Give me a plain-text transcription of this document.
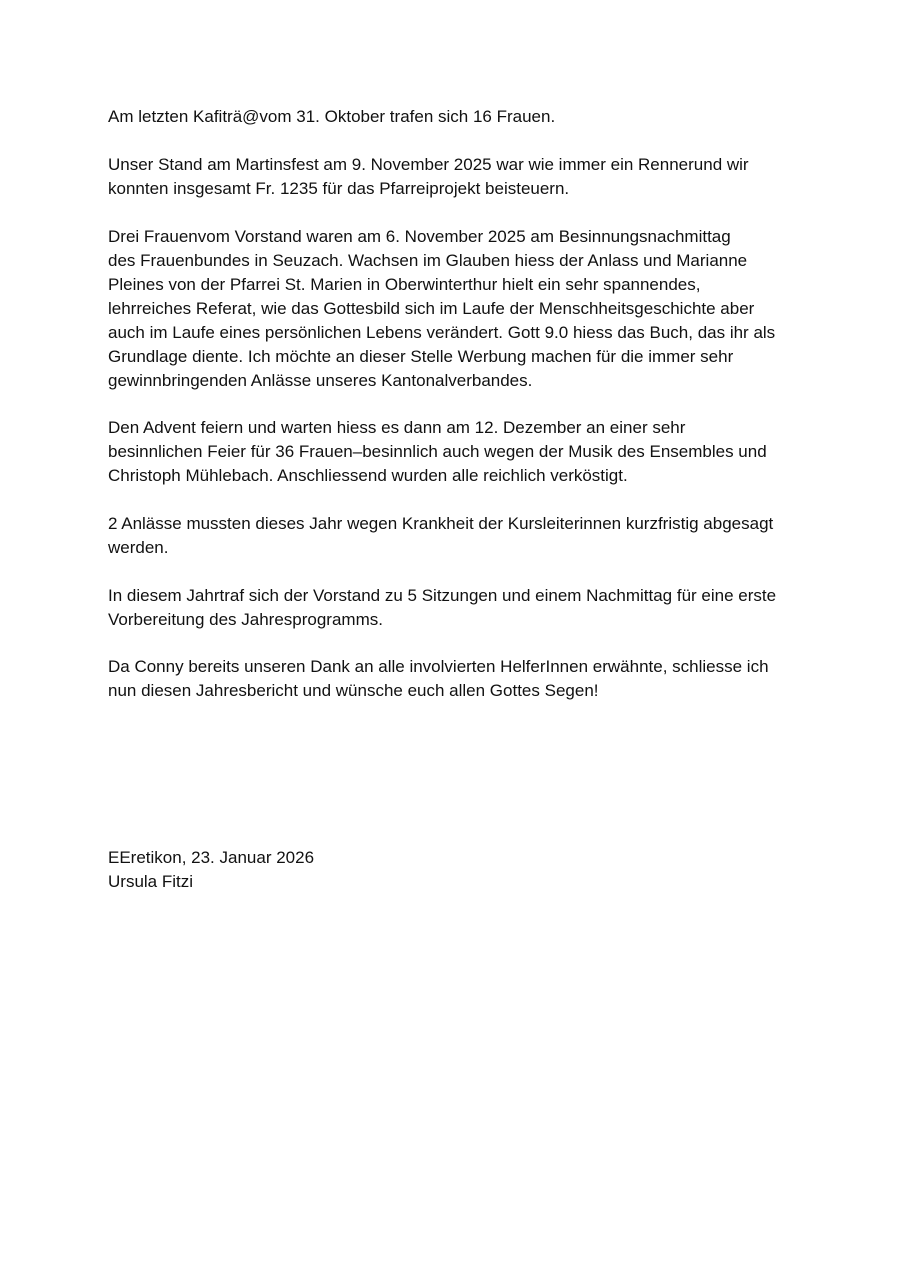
Am letzten Kafiträ@vom 31. Oktober trafen sich 16 Frauen.
Unser Stand am Martinsfest am 9. November 2025 war wie immer ein Rennerund wir
konnten insgesamt Fr. 1235 für das Pfarreiprojekt beisteuern.
Drei Frauenvom Vorstand waren am 6. November 2025 am Besinnungsnachmittag
des Frauenbundes in Seuzach. Wachsen im Glauben hiess der Anlass und Marianne
Pleines von der Pfarrei St. Marien in Oberwinterthur hielt ein sehr spannendes,
lehrreiches Referat, wie das Gottesbild sich im Laufe der Menschheitsgeschichte aber
auch im Laufe eines persönlichen Lebens verändert. Gott 9.0 hiess das Buch, das ihr als
Grundlage diente. Ich möchte an dieser Stelle Werbung machen für die immer sehr
gewinnbringenden Anlässe unseres Kantonalverbandes.
Den Advent feiern und warten hiess es dann am 12. Dezember an einer sehr
besinnlichen Feier für 36 Frauen–besinnlich auch wegen der Musik des Ensembles und
Christoph Mühlebach. Anschliessend wurden alle reichlich verköstigt.
2 Anlässe mussten dieses Jahr wegen Krankheit der Kursleiterinnen kurzfristig abgesagt
werden.
In diesem Jahrtraf sich der Vorstand zu 5 Sitzungen und einem Nachmittag für eine erste
Vorbereitung des Jahresprogramms.
Da Conny bereits unseren Dank an alle involvierten HelferInnen erwähnte, schliesse ich
nun diesen Jahresbericht und wünsche euch allen Gottes Segen!
EEretikon, 23. Januar 2026
Ursula Fitzi
